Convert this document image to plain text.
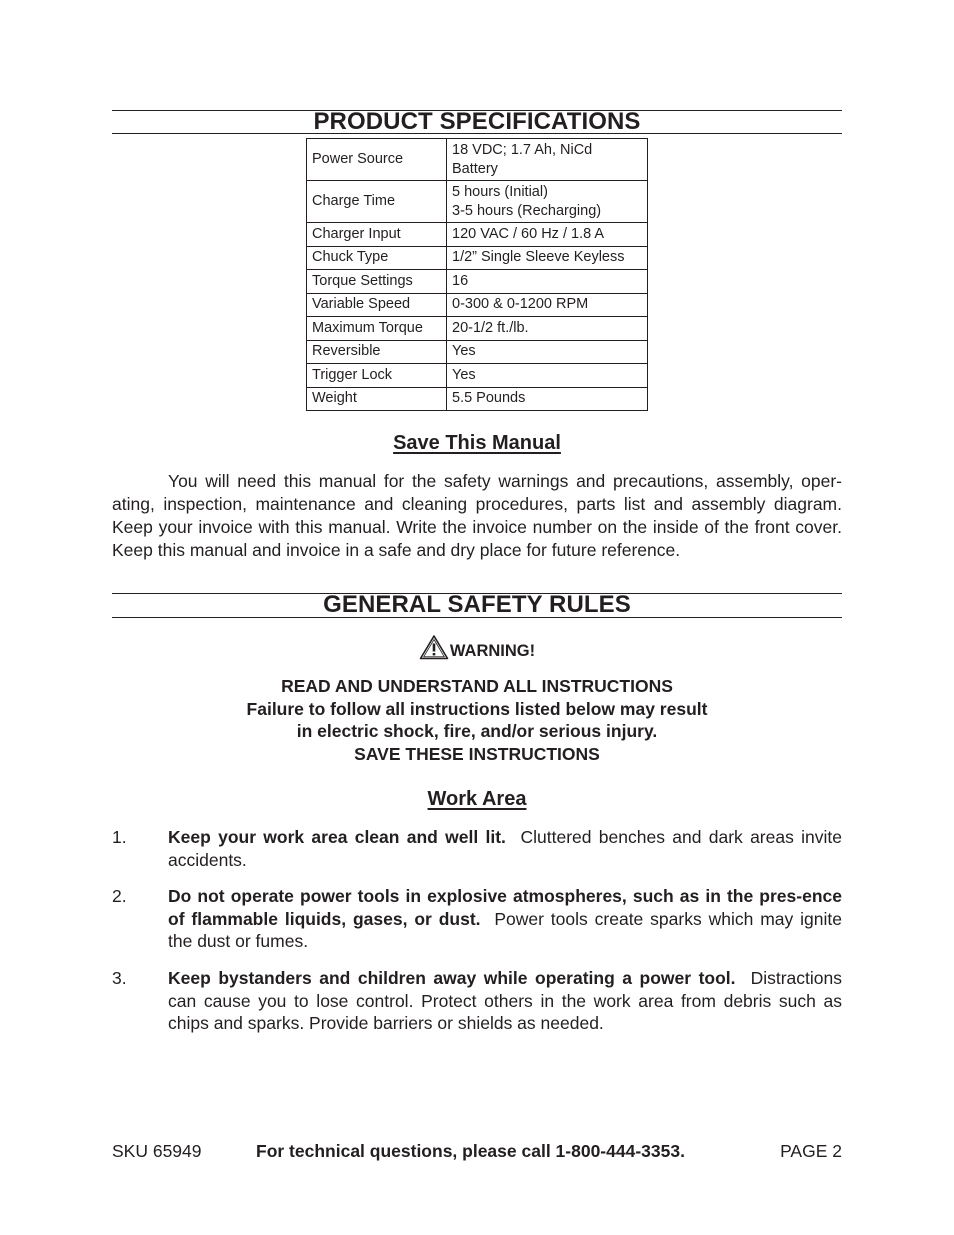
PRODUCT SPECIFICATIONS
Power Source	18 VDC; 1.7 Ah, NiCd
Battery
Charge Time	5 hours (Initial)
3-5 hours (Recharging)
Charger Input	120 VAC / 60 Hz / 1.8 A
Chuck Type	1/2” Single Sleeve Keyless
Torque Settings	16
Variable Speed	0-300 & 0-1200 RPM
Maximum Torque	20-1/2 ft./lb.
Reversible	Yes
Trigger Lock	Yes
Weight	5.5 Pounds
Save This Manual

You will need this manual for the safety warnings and precautions, assembly, oper-ating, inspection, maintenance and cleaning procedures, parts list and assembly diagram. Keep your invoice with this manual. Write the invoice number on the inside of the front cover. Keep this manual and invoice in a safe and dry place for future reference.

GENERAL SAFETY RULES
WARNING!
READ AND UNDERSTAND ALL INSTRUCTIONS
Failure to follow all instructions listed below may result
in electric shock, fire, and/or serious injury.
SAVE THESE INSTRUCTIONS
Work Area
1. Keep your work area clean and well lit. Cluttered benches and dark areas invite accidents.
2. Do not operate power tools in explosive atmospheres, such as in the pres-ence of flammable liquids, gases, or dust. Power tools create sparks which may ignite the dust or fumes.
3. Keep bystanders and children away while operating a power tool. Distractions can cause you to lose control. Protect others in the work area from debris such as chips and sparks. Provide barriers or shields as needed.
SKU 65949	For technical questions, please call 1-800-444-3353.	PAGE 2
